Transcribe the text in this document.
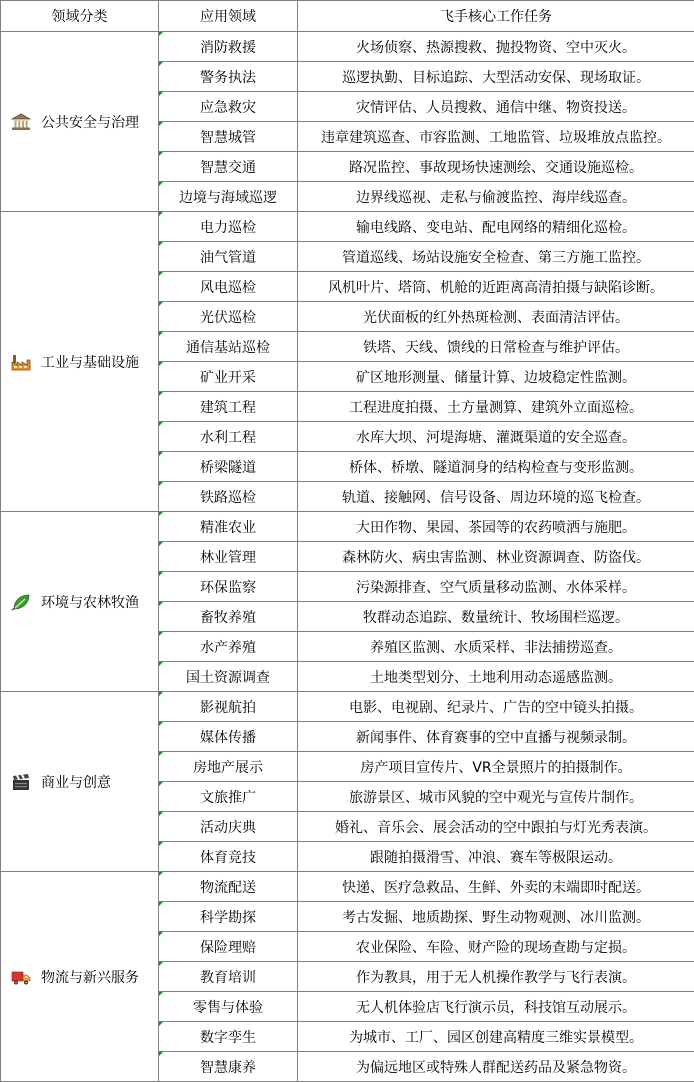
领域分类	应用领域	飞手核心工作任务

公共安全与治理	消防救援	火场侦察、热源搜救、抛投物资、空中灭火。
	警务执法	巡逻执勤、目标追踪、大型活动安保、现场取证。
	应急救灾	灾情评估、人员搜救、通信中继、物资投送。
	智慧城管	违章建筑巡查、市容监测、工地监管、垃圾堆放点监控。
	智慧交通	路况监控、事故现场快速测绘、交通设施巡检。
	边境与海域巡逻	边界线巡视、走私与偷渡监控、海岸线巡查。

工业与基础设施	电力巡检	输电线路、变电站、配电网络的精细化巡检。
	油气管道	管道巡线、场站设施安全检查、第三方施工监控。
	风电巡检	风机叶片、塔筒、机舱的近距离高清拍摄与缺陷诊断。
	光伏巡检	光伏面板的红外热斑检测、表面清洁评估。
	通信基站巡检	铁塔、天线、馈线的日常检查与维护评估。
	矿业开采	矿区地形测量、储量计算、边坡稳定性监测。
	建筑工程	工程进度拍摄、土方量测算、建筑外立面巡检。
	水利工程	水库大坝、河堤海塘、灌溉渠道的安全巡查。
	桥梁隧道	桥体、桥墩、隧道洞身的结构检查与变形监测。
	铁路巡检	轨道、接触网、信号设备、周边环境的巡飞检查。

环境与农林牧渔	精准农业	大田作物、果园、茶园等的农药喷洒与施肥。
	林业管理	森林防火、病虫害监测、林业资源调查、防盗伐。
	环保监察	污染源排查、空气质量移动监测、水体采样。
	畜牧养殖	牧群动态追踪、数量统计、牧场围栏巡逻。
	水产养殖	养殖区监测、水质采样、非法捕捞巡查。
	国土资源调查	土地类型划分、土地利用动态遥感监测。

商业与创意	影视航拍	电影、电视剧、纪录片、广告的空中镜头拍摄。
	媒体传播	新闻事件、体育赛事的空中直播与视频录制。
	房地产展示	房产项目宣传片、VR全景照片的拍摄制作。
	文旅推广	旅游景区、城市风貌的空中观光与宣传片制作。
	活动庆典	婚礼、音乐会、展会活动的空中跟拍与灯光秀表演。
	体育竞技	跟随拍摄滑雪、冲浪、赛车等极限运动。

物流与新兴服务	物流配送	快递、医疗急救品、生鲜、外卖的末端即时配送。
	科学勘探	考古发掘、地质勘探、野生动物观测、冰川监测。
	保险理赔	农业保险、车险、财产险的现场查勘与定损。
	教育培训	作为教具，用于无人机操作教学与飞行表演。
	零售与体验	无人机体验店飞行演示员，科技馆互动展示。
	数字孪生	为城市、工厂、园区创建高精度三维实景模型。
	智慧康养	为偏远地区或特殊人群配送药品及紧急物资。
